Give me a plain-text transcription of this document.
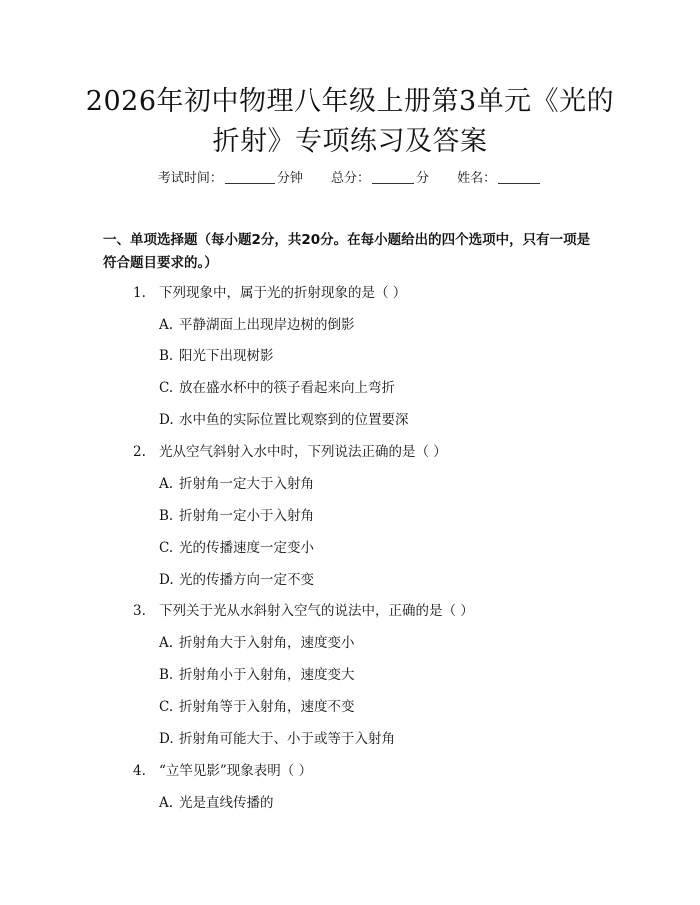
2026年初中物理八年级上册第3单元《光的
折射》专项练习及答案
考试时间：	分钟 总分：	分 姓名：
一、单项选择题（每小题2分，共20分。在每小题给出的四个选项中，只有一项是符合题目要求的。）
1. 下列现象中，属于光的折射现象的是（ ）
A. 平静湖面上出现岸边树的倒影
B. 阳光下出现树影
C. 放在盛水杯中的筷子看起来向上弯折
D. 水中鱼的实际位置比观察到的位置要深
2. 光从空气斜射入水中时，下列说法正确的是（ ）
A. 折射角一定大于入射角
B. 折射角一定小于入射角
C. 光的传播速度一定变小
D. 光的传播方向一定不变
3. 下列关于光从水斜射入空气的说法中，正确的是（ ）
A. 折射角大于入射角，速度变小
B. 折射角小于入射角，速度变大
C. 折射角等于入射角，速度不变
D. 折射角可能大于、小于或等于入射角
4. “立竿见影”现象表明（ ）
A. 光是直线传播的
